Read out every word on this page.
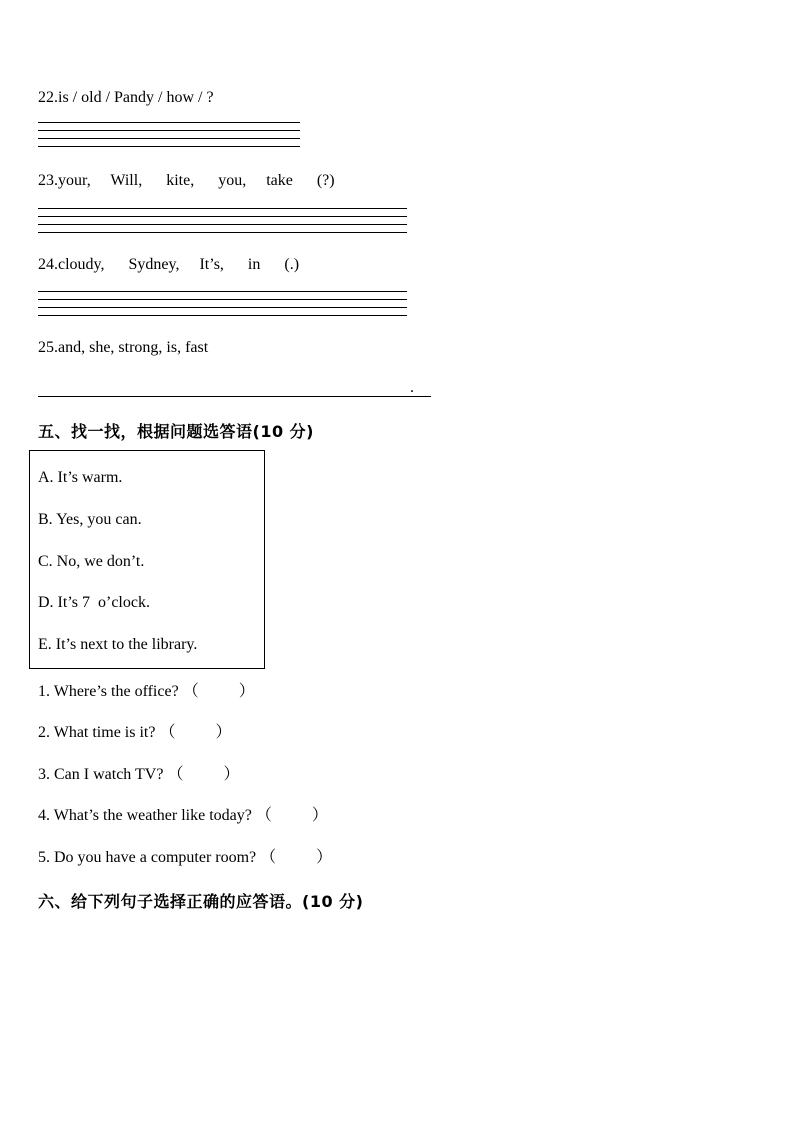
22.is / old / Pandy / how / ?
23.your,     Will,      kite,      you,     take      (?)
24.cloudy,      Sydney,     It’s,      in      (.)
25.and, she, strong, is, fast
.
五、找一找，根据问题选答语(10 分)
A. It’s warm.
B. Yes, you can.
C. No, we don’t.
D. It’s 7  o’clock.
E. It’s next to the library.
1. Where’s the office? （          ）
2. What time is it? （          ）
3. Can I watch TV? （          ）
4. What’s the weather like today? （          ）
5. Do you have a computer room? （          ）
六、给下列句子选择正确的应答语。(10 分)
